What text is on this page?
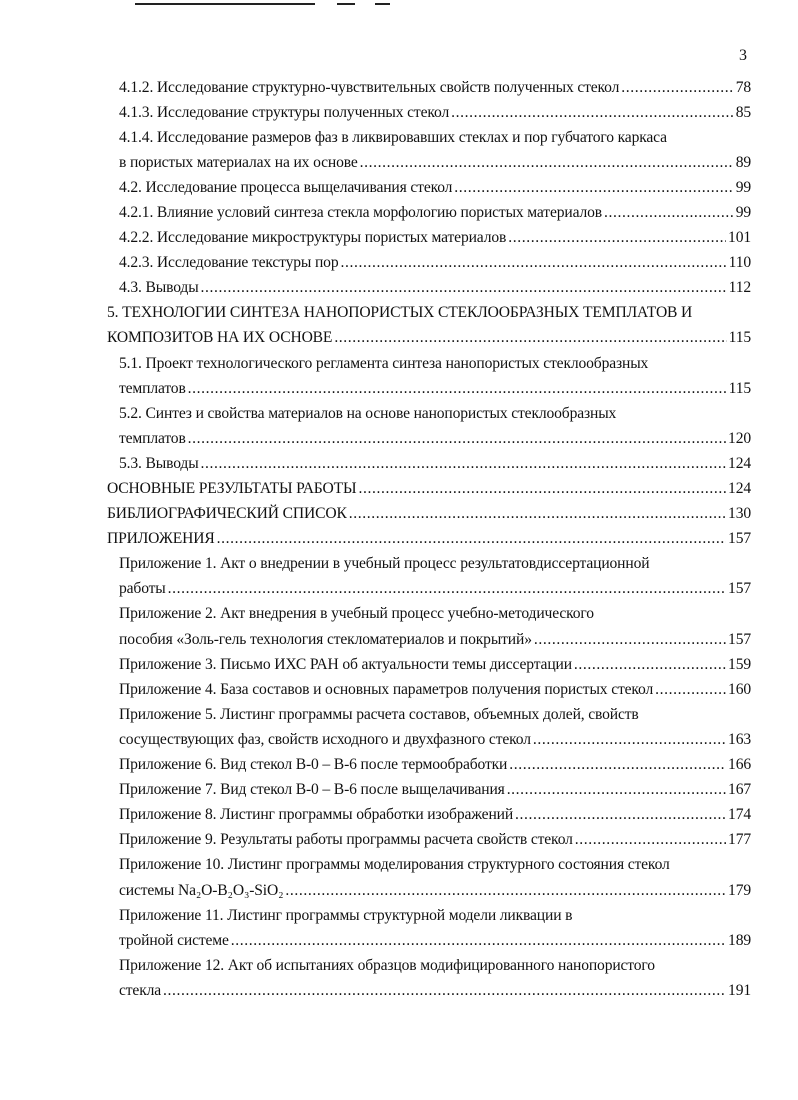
3
4.1.2. Исследование структурно-чувствительных свойств полученных стекол .....	78
4.1.3. Исследование структуры полученных стекол .....	85
4.1.4. Исследование размеров фаз в ликвировавших стеклах и пор губчатого каркаса
в пористых материалах на их основе .....	89
4.2. Исследование процесса выщелачивания стекол .....	99
4.2.1. Влияние условий синтеза стекла морфологию пористых материалов .....	99
4.2.2. Исследование микроструктуры пористых материалов .....	101
4.2.3. Исследование текстуры пор .....	110
4.3. Выводы .....	112
5. ТЕХНОЛОГИИ СИНТЕЗА НАНОПОРИСТЫХ СТЕКЛООБРАЗНЫХ ТЕМПЛАТОВ И
КОМПОЗИТОВ НА ИХ ОСНОВЕ .....	115
5.1. Проект технологического регламента синтеза нанопористых стеклообразных
темплатов .....	115
5.2. Синтез и свойства материалов на основе нанопористых стеклообразных
темплатов .....	120
5.3. Выводы .....	124
ОСНОВНЫЕ РЕЗУЛЬТАТЫ РАБОТЫ .....	124
БИБЛИОГРАФИЧЕСКИЙ СПИСОК .....	130
ПРИЛОЖЕНИЯ .....	157
Приложение 1. Акт о внедрении в учебный процесс результатовдиссертационной
работы .....	157
Приложение 2. Акт внедрения в учебный процесс учебно-методического
пособия «Золь-гель технология стекломатериалов и покрытий» .....	157
Приложение 3. Письмо ИХС РАН об актуальности темы диссертации .....	159
Приложение 4. База составов и основных параметров получения пористых стекол .....	160
Приложение 5. Листинг программы расчета составов, объемных долей, свойств
сосуществующих фаз, свойств исходного и двухфазного стекол .....	163
Приложение 6. Вид стекол В-0 – В-6 после термообработки .....	166
Приложение 7. Вид стекол В-0 – В-6 после выщелачивания .....	167
Приложение 8. Листинг программы обработки изображений .....	174
Приложение 9. Результаты работы программы расчета свойств стекол .....	177
Приложение 10. Листинг программы моделирования структурного состояния стекол
системы Na₂O-B₂O₃-SiO₂ .....	179
Приложение 11. Листинг программы структурной модели ликвации в
тройной системе .....	189
Приложение 12. Акт об испытаниях образцов модифицированного нанопористого
стекла .....	191
